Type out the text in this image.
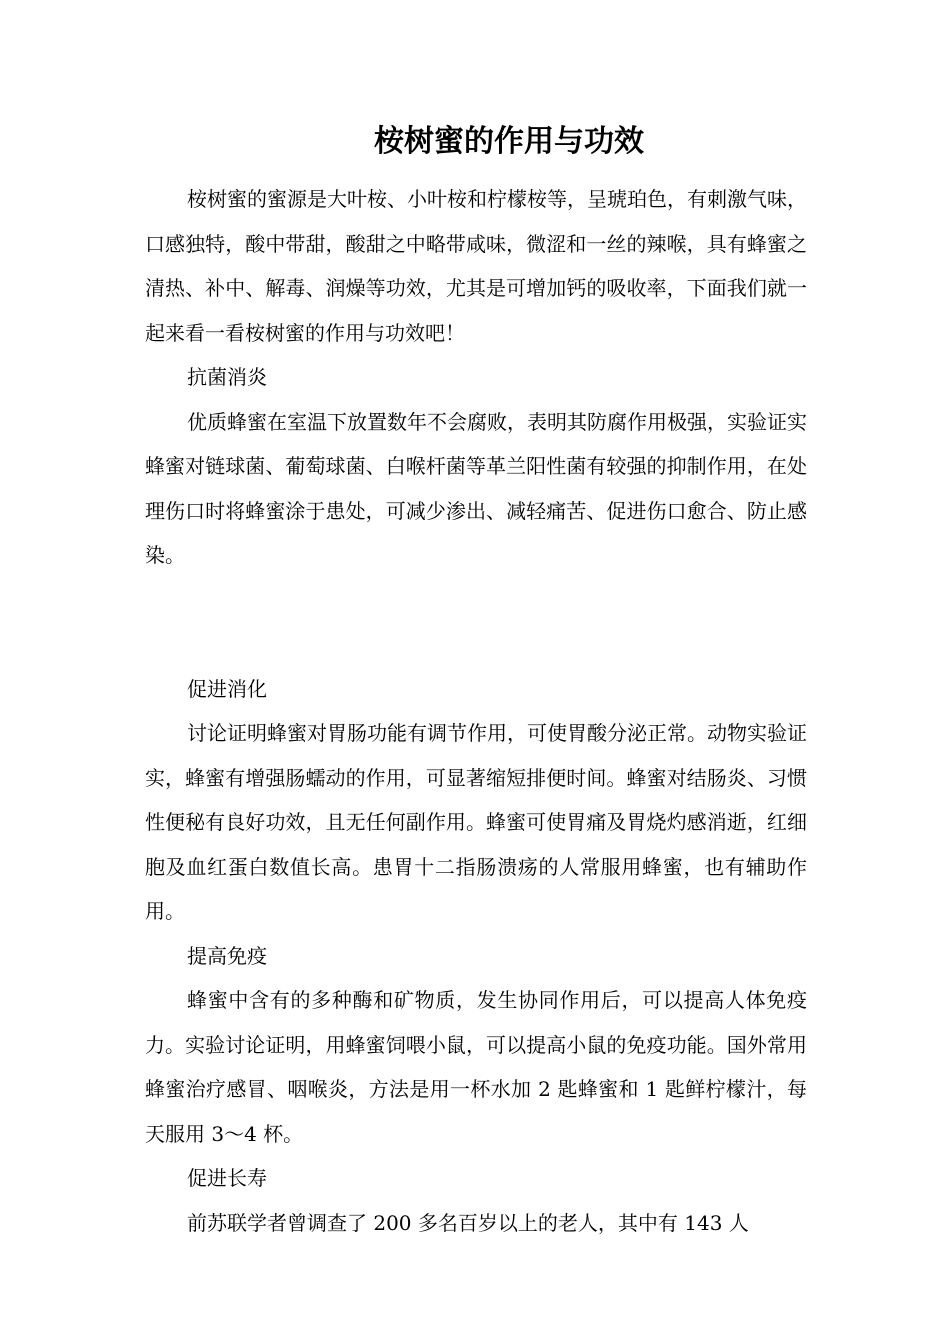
桉树蜜的作用与功效

桉树蜜的蜜源是大叶桉、小叶桉和柠檬桉等，呈琥珀色，有刺激气味，口感独特，酸中带甜，酸甜之中略带咸味，微涩和一丝的辣喉，具有蜂蜜之清热、补中、解毒、润燥等功效，尤其是可增加钙的吸收率，下面我们就一起来看一看桉树蜜的作用与功效吧！

抗菌消炎

优质蜂蜜在室温下放置数年不会腐败，表明其防腐作用极强，实验证实蜂蜜对链球菌、葡萄球菌、白喉杆菌等革兰阳性菌有较强的抑制作用，在处理伤口时将蜂蜜涂于患处，可减少渗出、减轻痛苦、促进伤口愈合、防止感染。

促进消化

讨论证明蜂蜜对胃肠功能有调节作用，可使胃酸分泌正常。动物实验证实，蜂蜜有增强肠蠕动的作用，可显著缩短排便时间。蜂蜜对结肠炎、习惯性便秘有良好功效，且无任何副作用。蜂蜜可使胃痛及胃烧灼感消逝，红细胞及血红蛋白数值长高。患胃十二指肠溃疡的人常服用蜂蜜，也有辅助作用。

提高免疫

蜂蜜中含有的多种酶和矿物质，发生协同作用后，可以提高人体免疫力。实验讨论证明，用蜂蜜饲喂小鼠，可以提高小鼠的免疫功能。国外常用蜂蜜治疗感冒、咽喉炎，方法是用一杯水加 2 匙蜂蜜和 1 匙鲜柠檬汁，每天服用 3～4 杯。

促进长寿

前苏联学者曾调查了 200 多名百岁以上的老人，其中有 143 人
